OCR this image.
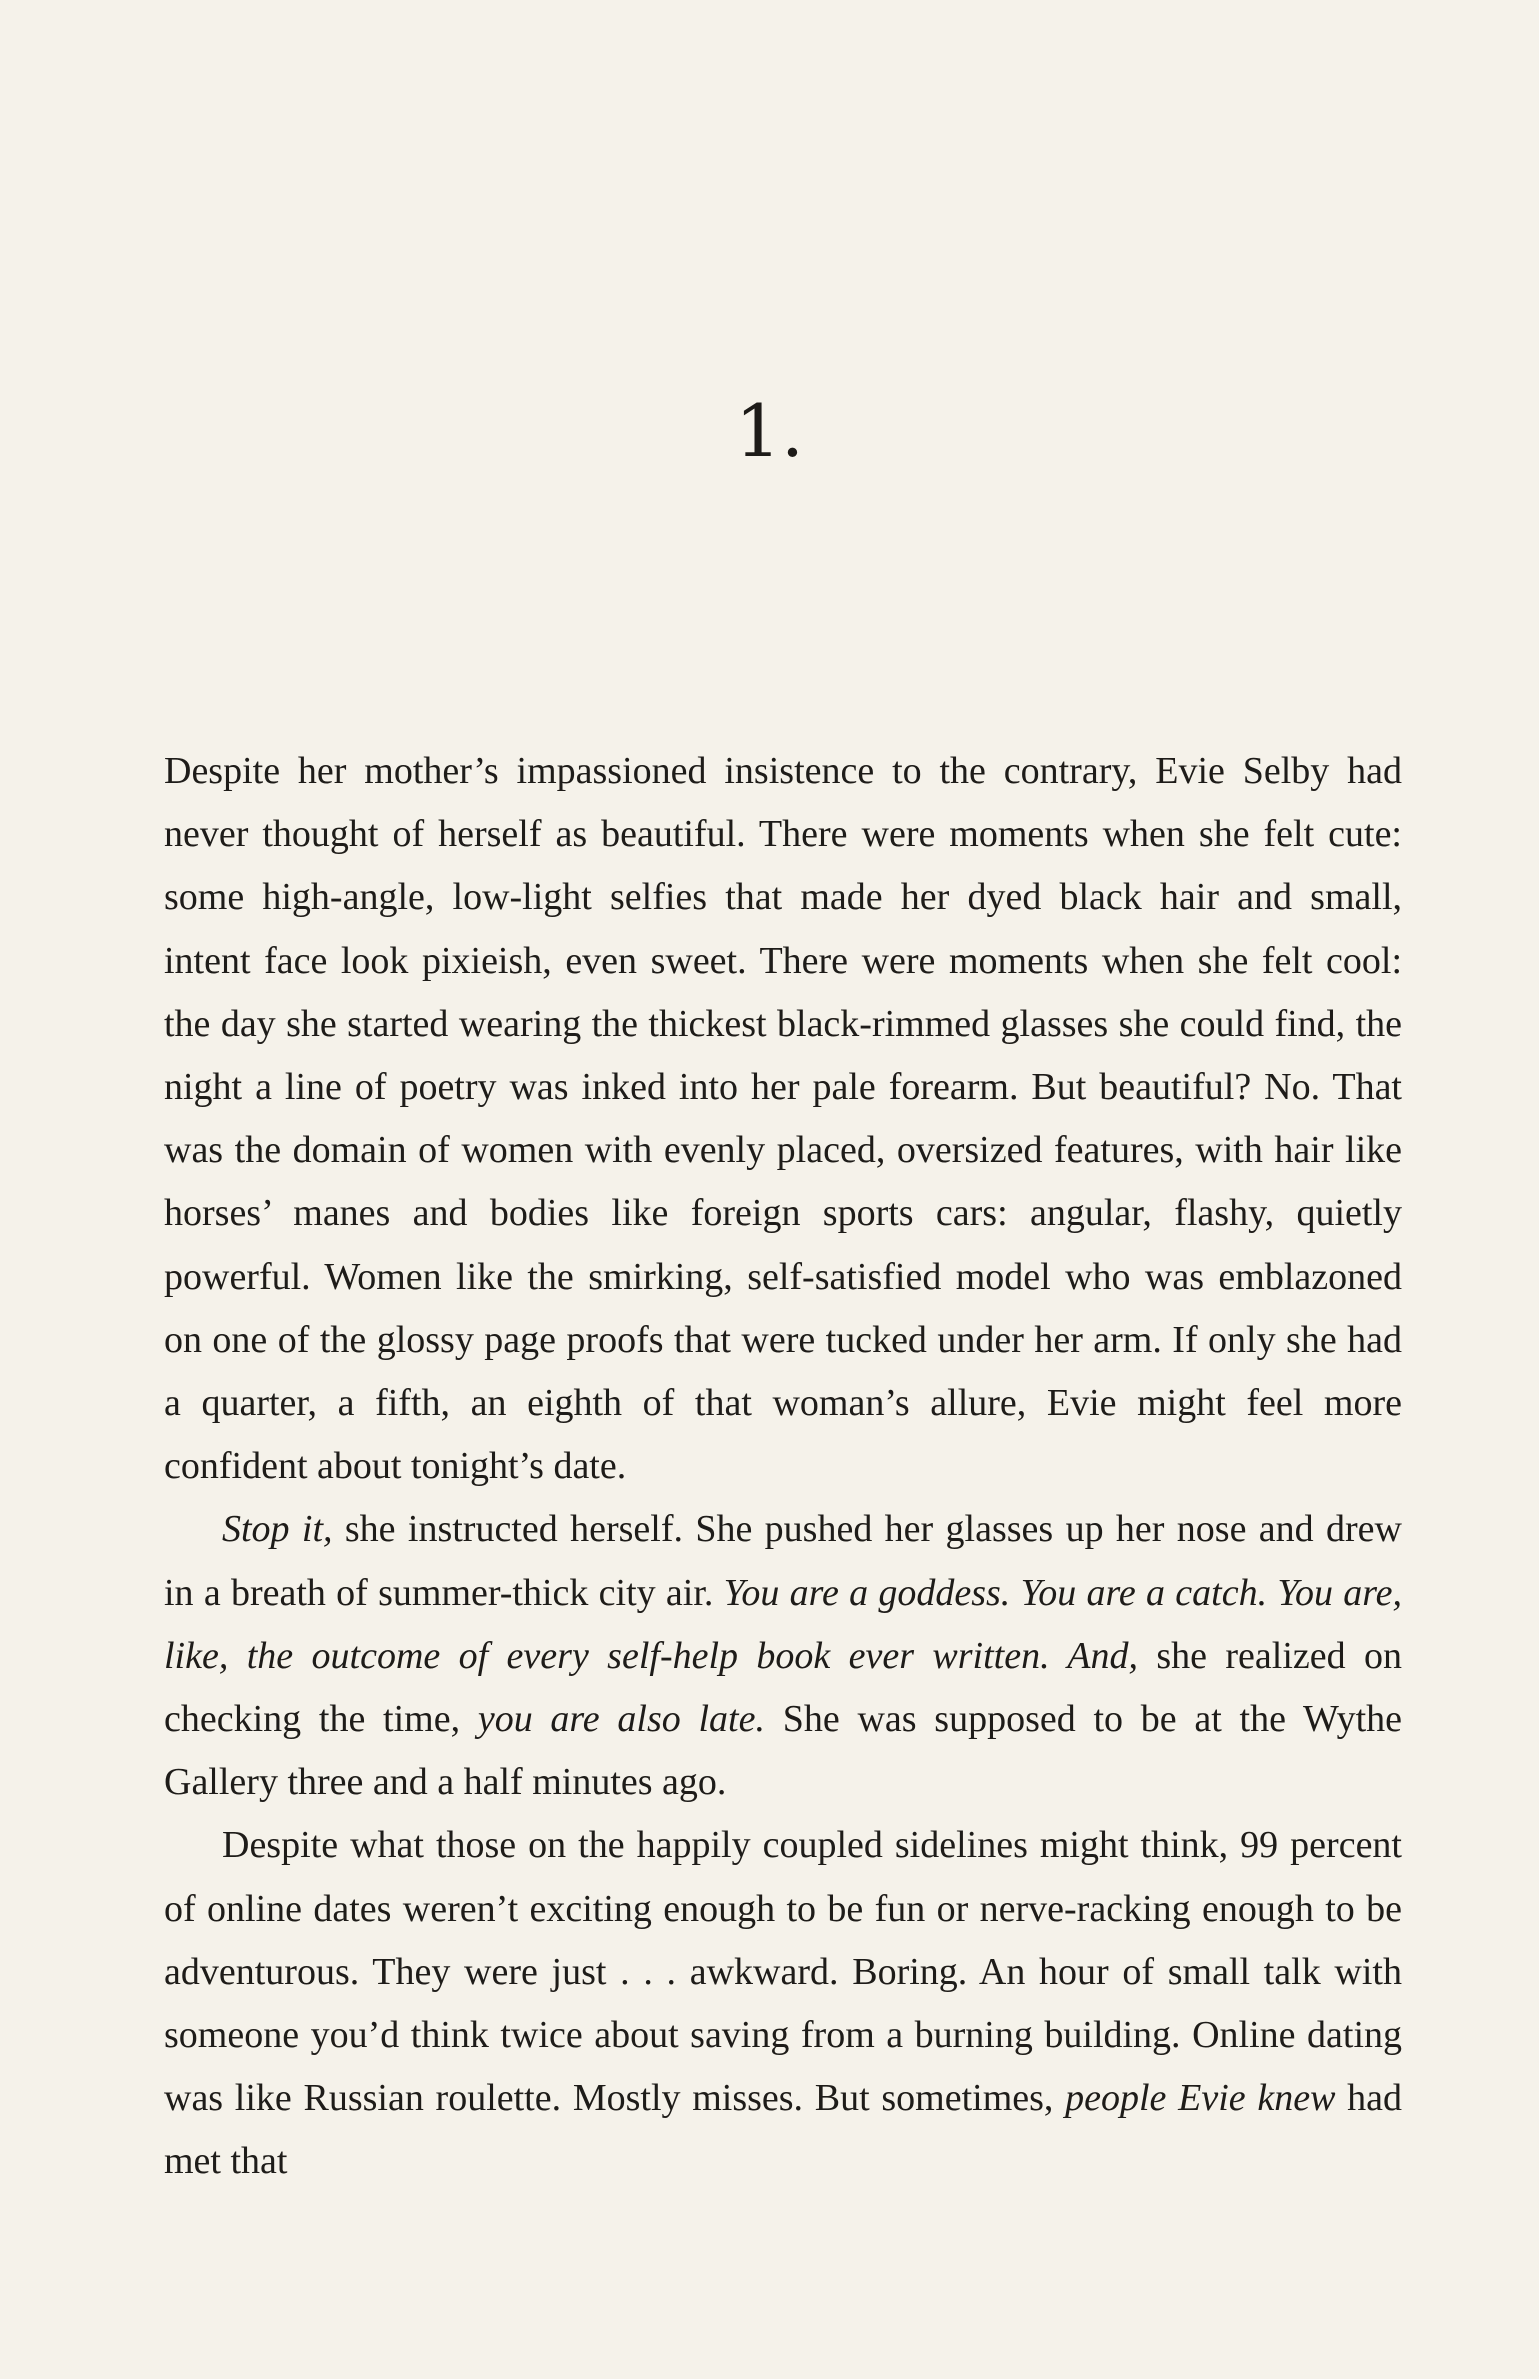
1.

Despite her mother’s impassioned insistence to the contrary, Evie Selby had never thought of herself as beautiful. There were moments when she felt cute: some high-angle, low-light selfies that made her dyed black hair and small, intent face look pixieish, even sweet. There were moments when she felt cool: the day she started wearing the thickest black-rimmed glasses she could find, the night a line of poetry was inked into her pale forearm. But beautiful? No. That was the domain of women with evenly placed, oversized features, with hair like horses’ manes and bodies like foreign sports cars: angular, flashy, quietly powerful. Women like the smirking, self-satisfied model who was emblazoned on one of the glossy page proofs that were tucked under her arm. If only she had a quarter, a fifth, an eighth of that woman’s allure, Evie might feel more confident about tonight’s date.

Stop it, she instructed herself. She pushed her glasses up her nose and drew in a breath of summer-thick city air. You are a goddess. You are a catch. You are, like, the outcome of every self-help book ever written. And, she realized on checking the time, you are also late. She was supposed to be at the Wythe Gallery three and a half minutes ago.

Despite what those on the happily coupled sidelines might think, 99 percent of online dates weren’t exciting enough to be fun or nerve-racking enough to be adventurous. They were just . . . awkward. Boring. An hour of small talk with someone you’d think twice about saving from a burning building. Online dating was like Russian roulette. Mostly misses. But sometimes, people Evie knew had met that
